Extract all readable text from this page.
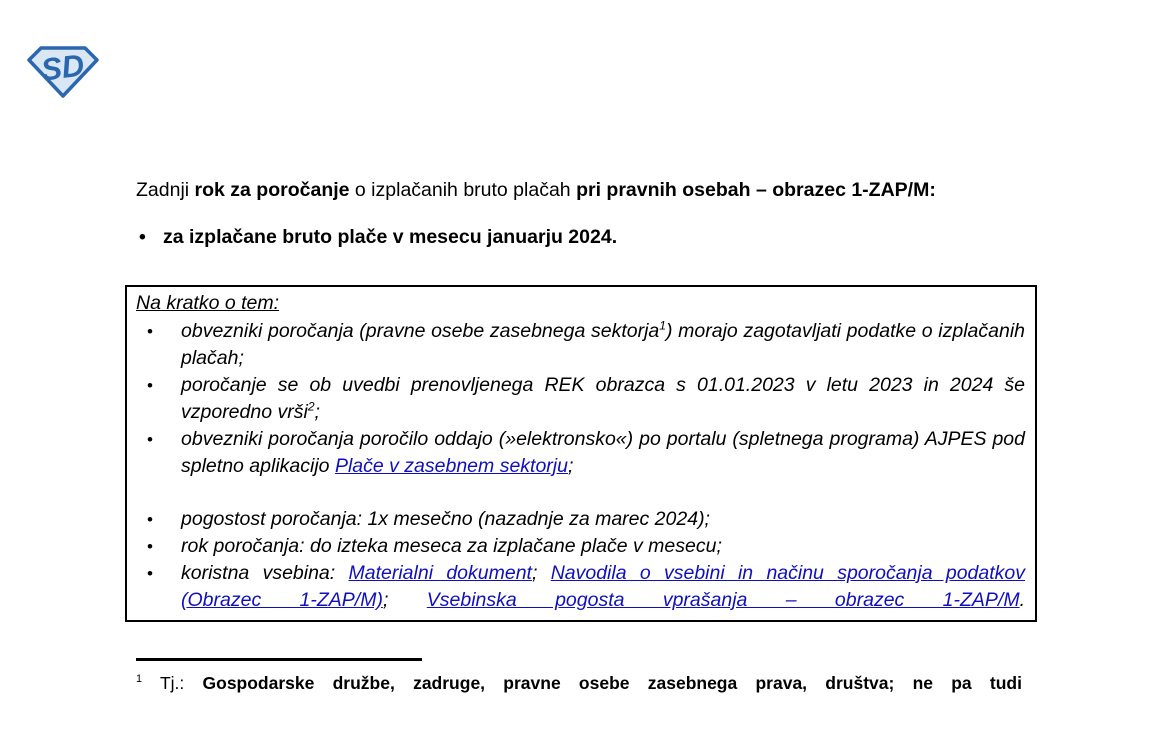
SD

Zadnji rok za poročanje o izplačanih bruto plačah pri pravnih osebah – obrazec 1-ZAP/M:

• za izplačane bruto plače v mesecu januarju 2024.
Na kratko o tem:
•	obvezniki poročanja (pravne osebe zasebnega sektorja$^1$) morajo zagotavljati podatke o izplačanih plačah;
•	poročanje se ob uvedbi prenovljenega REK obrazca s 01.01.2023 v letu 2023 in 2024 še vzporedno vrši$^2$;
•	obvezniki poročanja poročilo oddajo (»elektronsko«) po portalu (spletnega programa) AJPES pod spletno aplikacijo Plače v zasebnem sektorju;
•	pogostost poročanja: 1x mesečno (nazadnje za marec 2024);
•	rok poročanja: do izteka meseca za izplačane plače v mesecu;
•	koristna vsebina: Materialni dokument; Navodila o vsebini in načinu sporočanja podatkov (Obrazec 1-ZAP/M); Vsebinska pogosta vprašanja – obrazec 1-ZAP/M.

$^1$ Tj.: Gospodarske družbe, zadruge, pravne osebe zasebnega prava, društva; ne pa tudi
